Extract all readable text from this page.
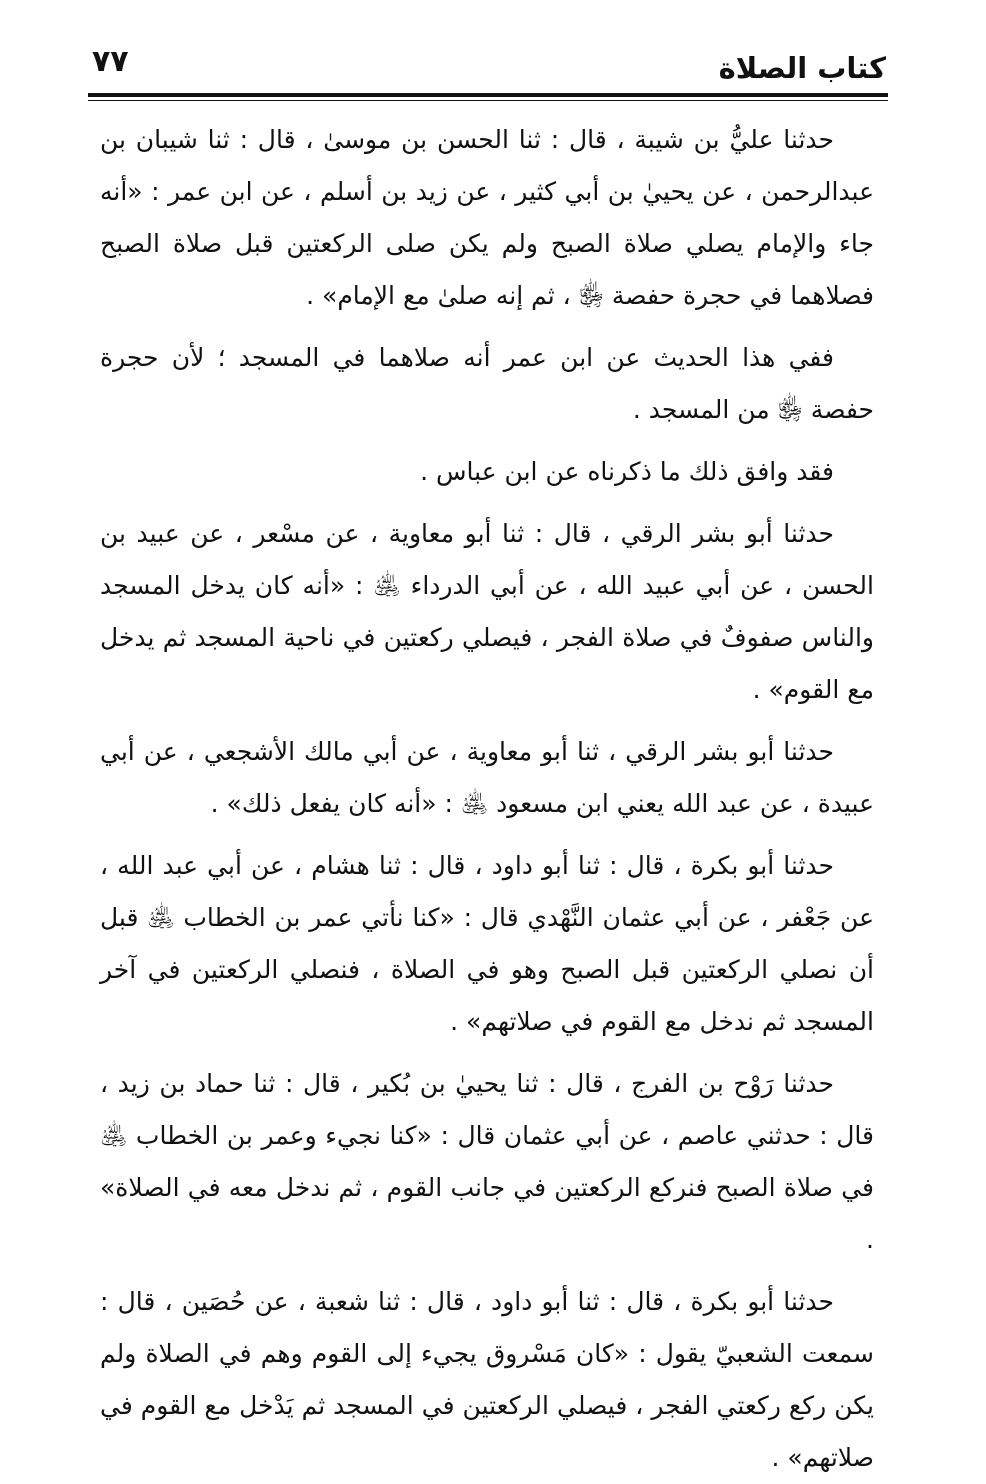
كتاب الصلاة
٧٧

حدثنا عليُّ بن شيبة ، قال : ثنا الحسن بن موسىٰ ، قال : ثنا شيبان بن عبدالرحمن ، عن يحييٰ بن أبي كثير ، عن زيد بن أسلم ، عن ابن عمر : «أنه جاء والإمام يصلي صلاة الصبح ولم يكن صلى الركعتين قبل صلاة الصبح فصلاهما في حجرة حفصة ﵂ ، ثم إنه صلىٰ مع الإمام» .

ففي هذا الحديث عن ابن عمر أنه صلاهما في المسجد ؛ لأن حجرة حفصة ﵂ من المسجد .

فقد وافق ذلك ما ذكرناه عن ابن عباس .

حدثنا أبو بشر الرقي ، قال : ثنا أبو معاوية ، عن مسْعر ، عن عبيد بن الحسن ، عن أبي عبيد الله ، عن أبي الدرداء ﵁ : «أنه كان يدخل المسجد والناس صفوفٌ في صلاة الفجر ، فيصلي ركعتين في ناحية المسجد ثم يدخل مع القوم» .

حدثنا أبو بشر الرقي ، ثنا أبو معاوية ، عن أبي مالك الأشجعي ، عن أبي عبيدة ، عن عبد الله يعني ابن مسعود ﵁ : «أنه كان يفعل ذلك» .

حدثنا أبو بكرة ، قال : ثنا أبو داود ، قال : ثنا هشام ، عن أبي عبد الله ، عن جَعْفر ، عن أبي عثمان النَّهْدي قال : «كنا نأتي عمر بن الخطاب ﵁ قبل أن نصلي الركعتين قبل الصبح وهو في الصلاة ، فنصلي الركعتين في آخر المسجد ثم ندخل مع القوم في صلاتهم» .

حدثنا رَوْح بن الفرج ، قال : ثنا يحييٰ بن بُكير ، قال : ثنا حماد بن زيد ، قال : حدثني عاصم ، عن أبي عثمان قال : «كنا نجيء وعمر بن الخطاب ﵁ في صلاة الصبح فنركع الركعتين في جانب القوم ، ثم ندخل معه في الصلاة» .

حدثنا أبو بكرة ، قال : ثنا أبو داود ، قال : ثنا شعبة ، عن حُصَين ، قال : سمعت الشعبيّ يقول : «كان مَسْروق يجيء إلى القوم وهم في الصلاة ولم يكن ركع ركعتي الفجر ، فيصلي الركعتين في المسجد ثم يَدْخل مع القوم في صلاتهم» .
